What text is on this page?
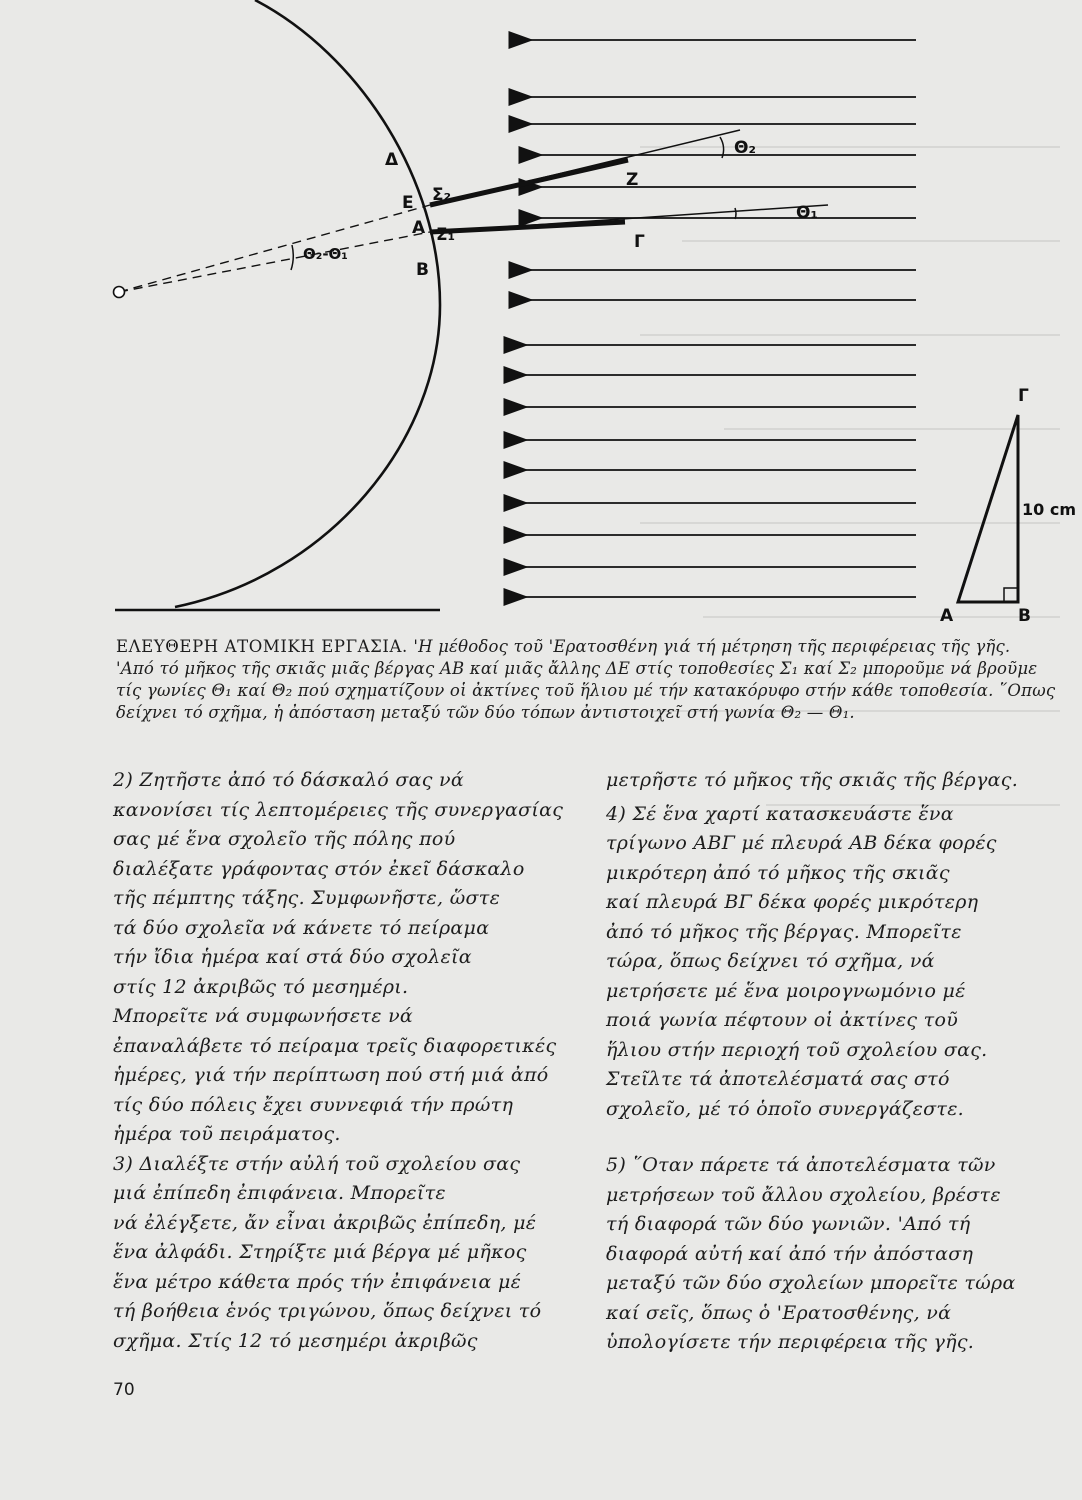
Δ
Ε
Α
Β
Σ₂
Σ₁
Ζ
Γ
Θ₂
Θ₁
Θ₂-Θ₁
Γ
Α	Β
10 cm
ΕΛΕΥΘΕΡΗ ΑΤΟΜΙΚΗ ΕΡΓΑΣΙΑ. 'Η μέθοδος τοῦ 'Ερατοσθένη γιά τή μέτρηση τῆς περιφέρειας τῆς γῆς.
'Από τό μῆκος τῆς σκιᾶς μιᾶς βέργας ΑΒ καί μιᾶς ἄλλης ΔΕ στίς τοποθεσίες Σ₁ καί Σ₂ μποροῦμε νά βροῦμε
τίς γωνίες Θ₁ καί Θ₂ πού σχηματίζουν οἱ ἀκτίνες τοῦ ἥλιου μέ τήν κατακόρυφο στήν κάθε τοποθεσία. ῞Οπως
δείχνει τό σχῆμα, ἡ ἀπόσταση μεταξύ τῶν δύο τόπων ἀντιστοιχεῖ στή γωνία Θ₂ — Θ₁.
2) Ζητῆστε ἀπό τό δάσκαλό σας νά
κανονίσει τίς λεπτομέρειες τῆς συνεργασίας
σας μέ ἕνα σχολεῖο τῆς πόλης πού
διαλέξατε γράφοντας στόν ἐκεῖ δάσκαλο
τῆς πέμπτης τάξης. Συμφωνῆστε, ὥστε
τά δύο σχολεῖα νά κάνετε τό πείραμα
τήν ἴδια ἡμέρα καί στά δύο σχολεῖα
στίς 12 ἀκριβῶς τό μεσημέρι.
Μπορεῖτε νά συμφωνήσετε νά
ἐπαναλάβετε τό πείραμα τρεῖς διαφορετικές
ἡμέρες, γιά τήν περίπτωση πού στή μιά ἀπό
τίς δύο πόλεις ἔχει συννεφιά τήν πρώτη
ἡμέρα τοῦ πειράματος.
3) Διαλέξτε στήν αὐλή τοῦ σχολείου σας
μιά ἐπίπεδη ἐπιφάνεια. Μπορεῖτε
νά ἐλέγξετε, ἄν εἶναι ἀκριβῶς ἐπίπεδη, μέ
ἕνα ἀλφάδι. Στηρίξτε μιά βέργα μέ μῆκος
ἕνα μέτρο κάθετα πρός τήν ἐπιφάνεια μέ
τή βοήθεια ἑνός τριγώνου, ὅπως δείχνει τό
σχῆμα. Στίς 12 τό μεσημέρι ἀκριβῶς
μετρῆστε τό μῆκος τῆς σκιᾶς τῆς βέργας.
4) Σέ ἕνα χαρτί κατασκευάστε ἕνα
τρίγωνο ΑΒΓ μέ πλευρά ΑΒ δέκα φορές
μικρότερη ἀπό τό μῆκος τῆς σκιᾶς
καί πλευρά ΒΓ δέκα φορές μικρότερη
ἀπό τό μῆκος τῆς βέργας. Μπορεῖτε
τώρα, ὅπως δείχνει τό σχῆμα, νά
μετρήσετε μέ ἕνα μοιρογνωμόνιο μέ
ποιά γωνία πέφτουν οἱ ἀκτίνες τοῦ
ἥλιου στήν περιοχή τοῦ σχολείου σας.
Στεῖλτε τά ἀποτελέσματά σας στό
σχολεῖο, μέ τό ὁποῖο συνεργάζεστε.
5) ῞Οταν πάρετε τά ἀποτελέσματα τῶν
μετρήσεων τοῦ ἄλλου σχολείου, βρέστε
τή διαφορά τῶν δύο γωνιῶν. 'Από τή
διαφορά αὐτή καί ἀπό τήν ἀπόσταση
μεταξύ τῶν δύο σχολείων μπορεῖτε τώρα
καί σεῖς, ὅπως ὁ 'Ερατοσθένης, νά
ὑπολογίσετε τήν περιφέρεια τῆς γῆς.
70
